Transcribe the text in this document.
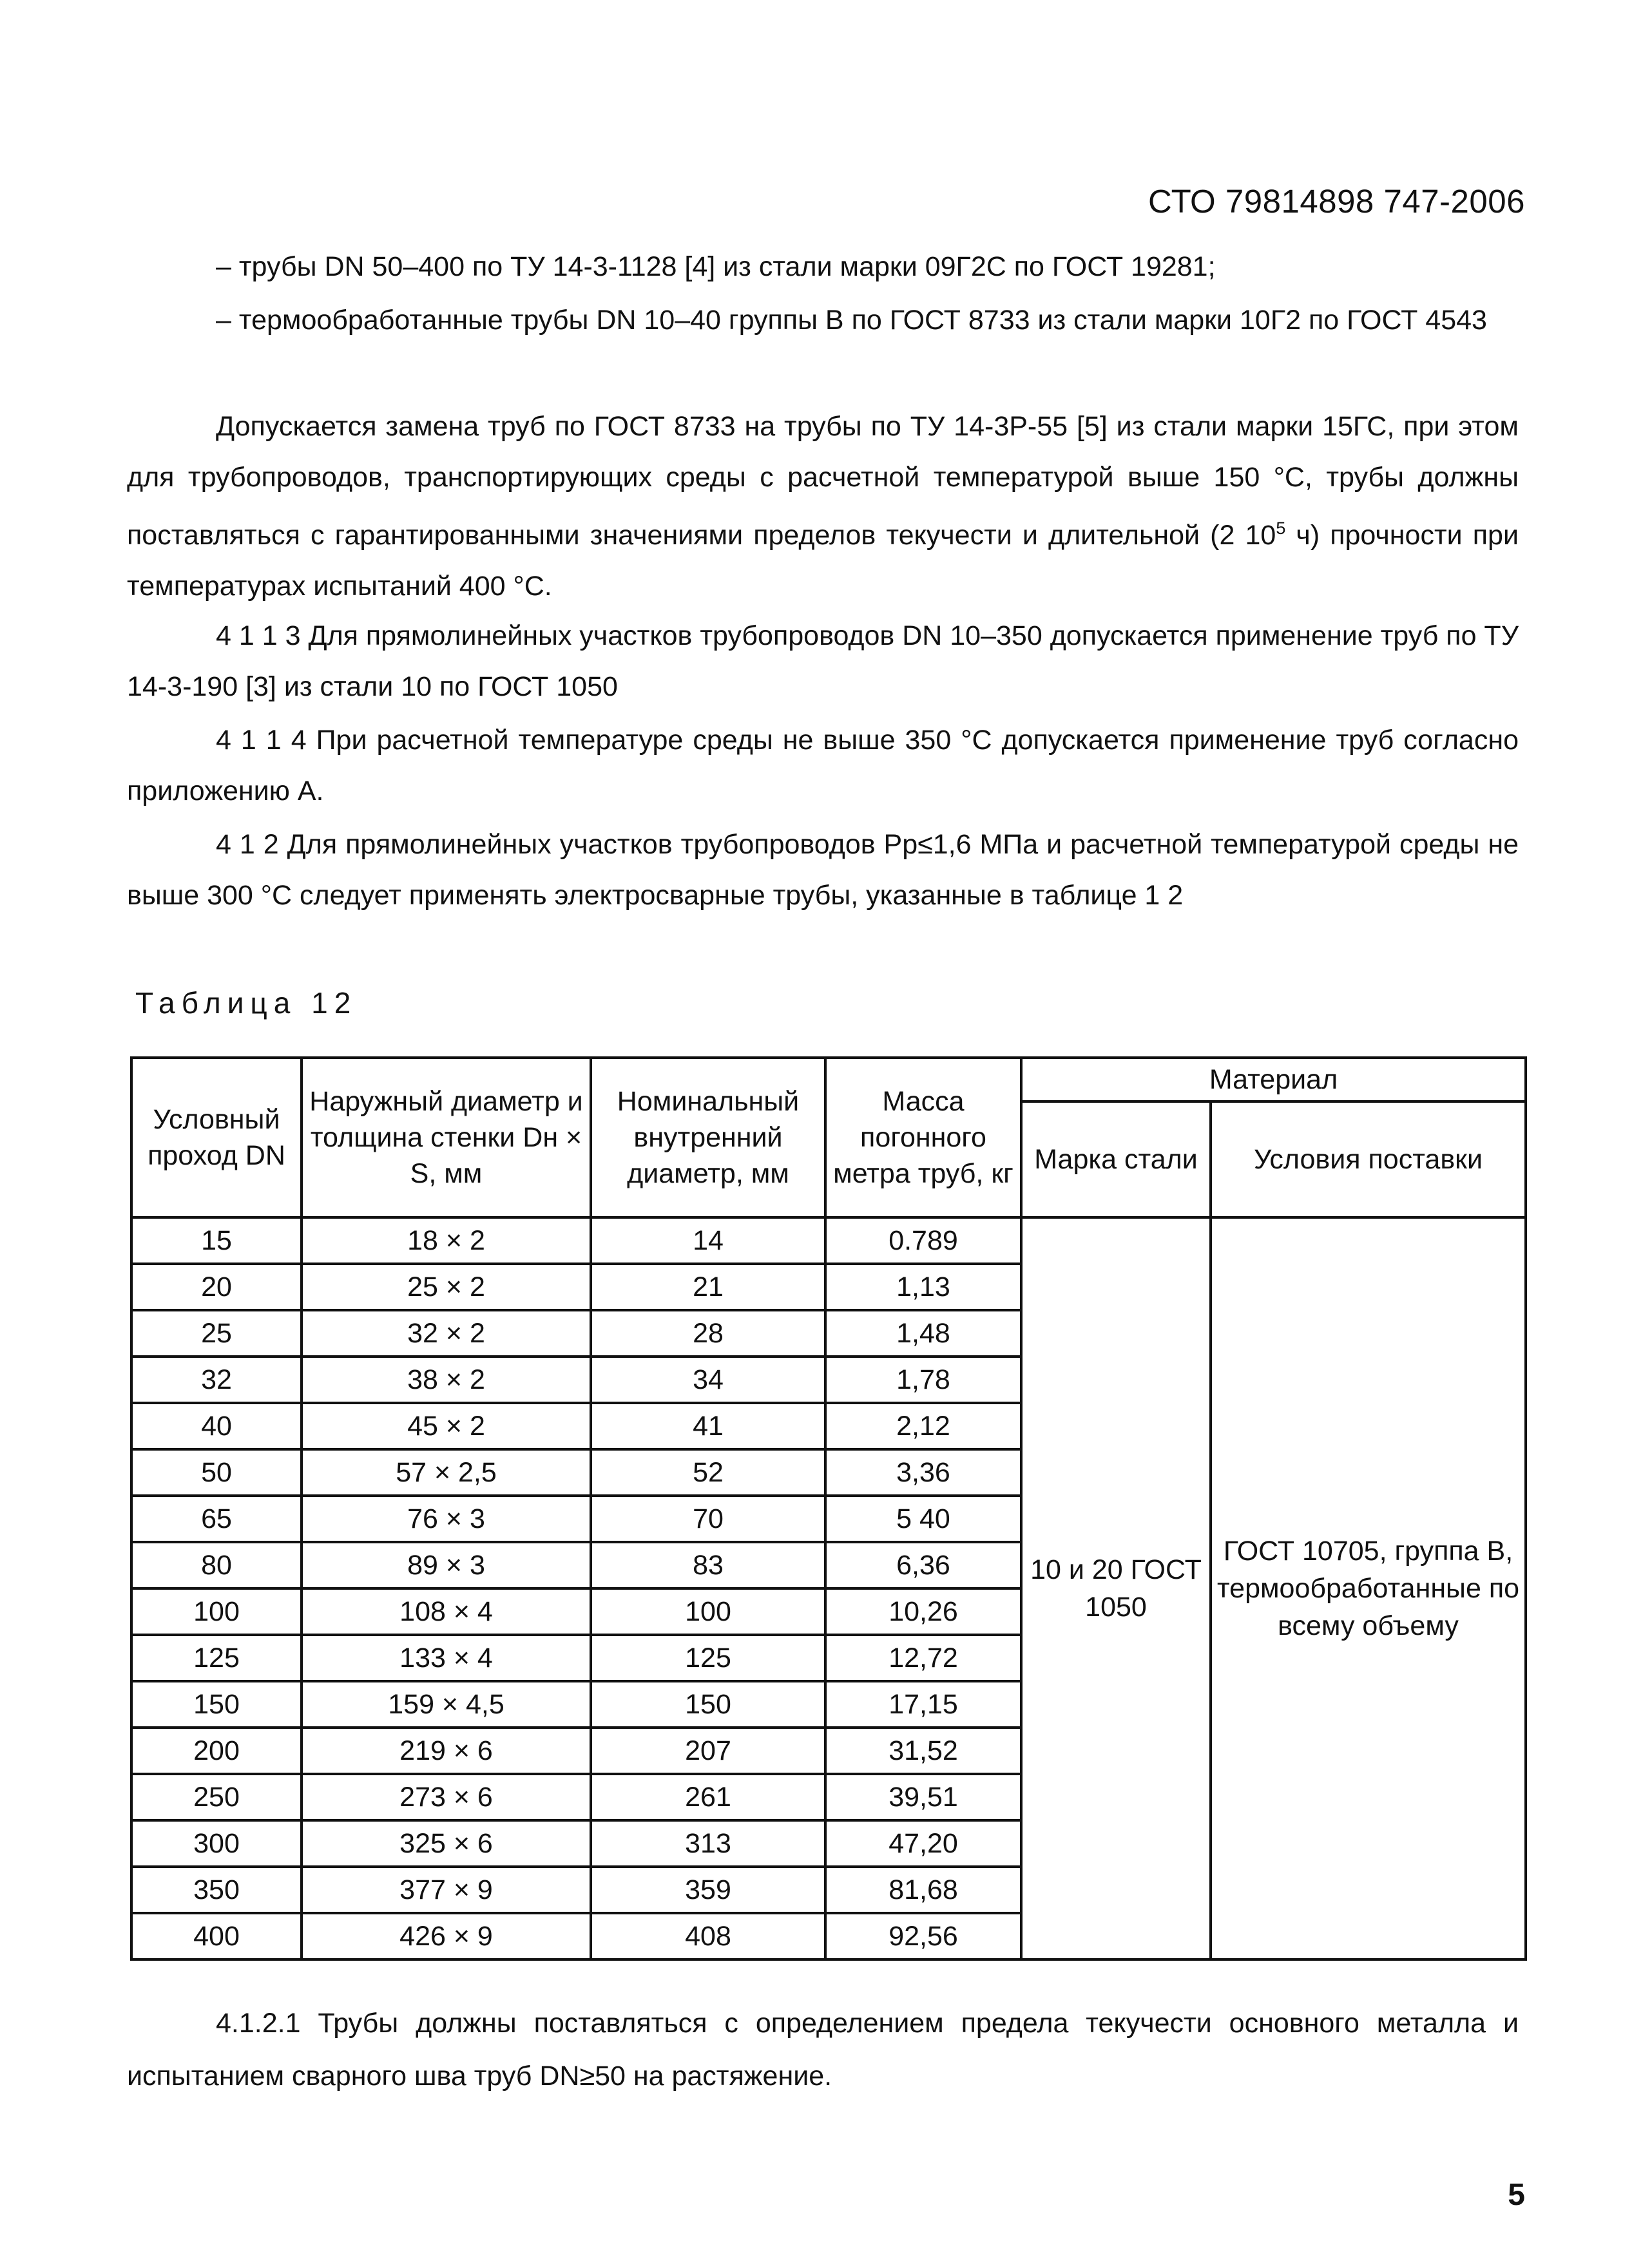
СТО 79814898 747-2006
– трубы DN 50–400 по ТУ 14-3-1128 [4] из стали марки 09Г2С по ГОСТ 19281;
– термообработанные трубы DN 10–40 группы В по ГОСТ 8733 из стали марки 10Г2 по ГОСТ 4543
Допускается замена труб по ГОСТ 8733 на трубы по ТУ 14-3Р-55 [5] из стали марки 15ГС, при этом для трубопроводов, транспортирующих среды с расчетной температурой выше 150 °С, трубы должны поставляться с гарантированными значениями пределов текучести и длительной (2 $10^5$ ч) прочности при температурах испытаний 400 °С.
4 1 1 3 Для прямолинейных участков трубопроводов DN 10–350 допускается применение труб по ТУ 14-3-190 [3] из стали 10 по ГОСТ 1050
4 1 1 4 При расчетной температуре среды не выше 350 °С допускается применение труб согласно приложению А.
4 1 2 Для прямолинейных участков трубопроводов Рр≤1,6 МПа и расчетной температурой среды не выше 300 °С следует применять электросварные трубы, указанные в таблице 1 2
Таблица 12
Условный проход DN	Наружный диаметр и толщина стенки Dн × S, мм	Номинальный внутренний диаметр, мм	Масса погонного метра труб, кг	Материал	
				Марка стали	Условия поставки
15	18 × 2	14	0.789	10 и 20 ГОСТ 1050	ГОСТ 10705, группа В, термообработанные по всему объему
20	25 × 2	21	1,13		
25	32 × 2	28	1,48		
32	38 × 2	34	1,78		
40	45 × 2	41	2,12		
50	57 × 2,5	52	3,36		
65	76 × 3	70	5 40		
80	89 × 3	83	6,36		
100	108 × 4	100	10,26		
125	133 × 4	125	12,72		
150	159 × 4,5	150	17,15		
200	219 × 6	207	31,52		
250	273 × 6	261	39,51		
300	325 × 6	313	47,20		
350	377 × 9	359	81,68		
400	426 × 9	408	92,56		
4.1.2.1 Трубы должны поставляться с определением предела текучести основного металла и испытанием сварного шва труб DN≥50 на растяжение.
5
